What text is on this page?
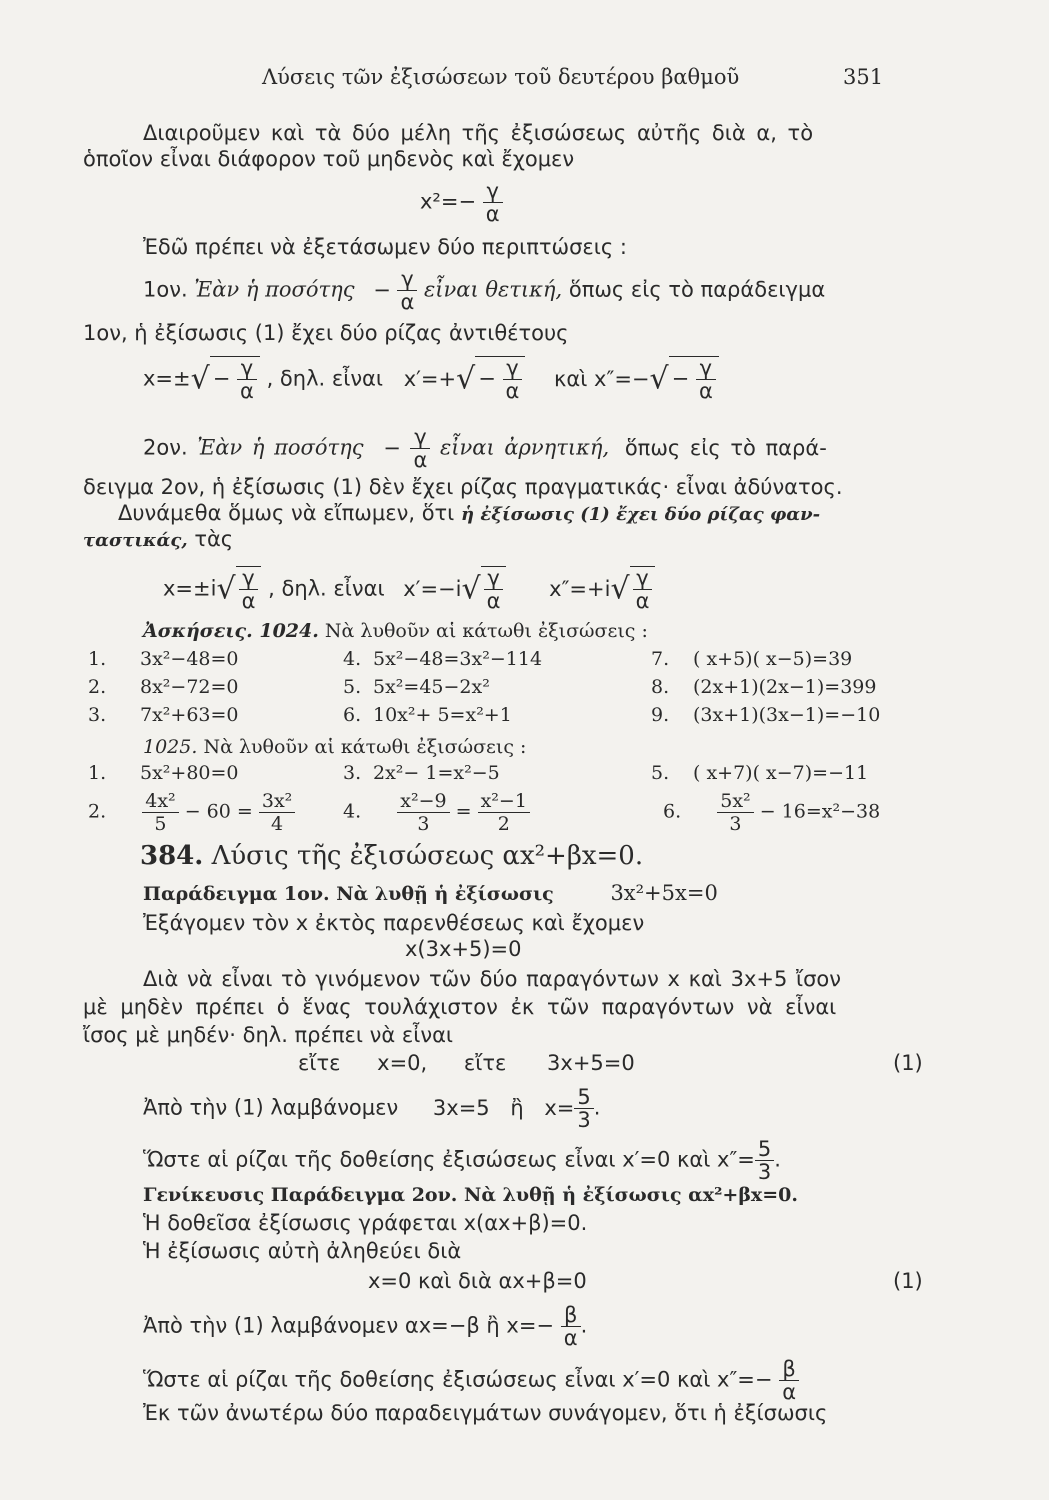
Λύσεις τῶν ἐξισώσεων τοῦ δευτέρου βαθμοῦ	351
Διαιροῦμεν καὶ τὰ δύο μέλη τῆς ἐξισώσεως αὐτῆς διὰ α, τὸ
ὁποῖον εἶναι διάφορον τοῦ μηδενὸς καὶ ἔχομεν
$x^2=- \frac{\gamma}{\alpha}$
Ἐδῶ πρέπει νὰ ἐξετάσωμεν δύο περιπτώσεις :
1ον. Ἐὰν ἡ $\pi o\sigma ό\tau\eta\varsigma - \frac{\gamma}{\alpha}$ εἶναι θετική, ὅπως εἰς τὸ παράδειγμα
1ον, ἡ ἐξίσωσις (1) ἔχει δύο ρίζας ἀντιθέτους
$x=\pm√ - \frac{\gamma}{\alpha}$ , δηλ. εἶναι $x'=+√ - \frac{\gamma}{\alpha}$ καὶ $x''=-√ - \frac{\gamma}{\alpha}$
2ον. Ἐὰν ἡ $\pi o\sigma ό\tau\eta\varsigma - \frac{\gamma}{\alpha}$ εἶναι ἀρνητική, ὅπως εἰς τὸ παρά-
δειγμα 2ον, ἡ ἐξίσωσις (1) δὲν ἔχει ρίζας πραγματικάς· εἶναι ἀδύνατος.
Δυνάμεθα ὅμως νὰ εἴπωμεν, ὅτι ἡ ἐξίσωσις (1) ἔχει δύο ρίζας φαν-
ταστικάς, τὰς
$x=\pm i√ \frac{\gamma}{\alpha}$ , δηλ. εἶναι $x'=-i√ \frac{\gamma}{\alpha} x''=+i√ \frac{\gamma}{\alpha}$
Ἀσκήσεις. 1024. Νὰ λυθοῦν αἱ κάτωθι ἐξισώσεις :
1. 3x²−48=0	4. 5x²−48=3x²−114	7. ( x+5)( x−5)=39
2. 8x²−72=0	5. 5x²=45−2x²	8. (2x+1)(2x−1)=399
3. 7x²+63=0	6. 10x²+ 5=x²+1	9. (3x+1)(3x−1)=−10
1025. Νὰ λυθοῦν αἱ κάτωθι ἐξισώσεις :
1. 5x²+80=0	3. 2x²− 1=x²−5	5. ( x+7)( x−7)=−11
2. $\frac{\text{4x²}}{5} - 60 = \frac{\text{3x²}}{4}$	4. $\frac{\text{x²−9}}{3} = \frac{\text{x²−1}}{2}$	6. $\frac{\text{5x²}}{3} - 16=x^2-38$
384. Λύσις τῆς ἐξισώσεως αx²+βx=0.
Παράδειγμα 1ον. Νὰ λυθῇ ἡ ἐξίσωσις	3x²+5x=0
Ἐξάγομεν τὸν x ἐκτὸς παρενθέσεως καὶ ἔχομεν
x(3x+5)=0
Διὰ νὰ εἶναι τὸ γινόμενον τῶν δύο παραγόντων x καὶ 3x+5 ἴσον
μὲ μηδὲν πρέπει ὁ ἕνας τουλάχιστον ἐκ τῶν παραγόντων νὰ εἶναι
ἴσος μὲ μηδέν· δηλ. πρέπει νὰ εἶναι
εἴτε x=0, εἴτε 3x+5=0	(1)
Ἀπὸ τὴν (1) λαμβάνομεν 3x=5 ἢ $x= \frac{5}{3}$ .
Ὥστε αἱ ρίζαι τῆς δοθείσης ἐξισώσεως εἶναι x′=0 καὶ $x''= \frac{5}{3}$ .
Γενίκευσις Παράδειγμα 2ον. Νὰ λυθῇ ἡ ἐξίσωσις αx²+βx=0.
Ἡ δοθεῖσα ἐξίσωσις γράφεται x(αx+β)=0.
Ἡ ἐξίσωσις αὐτὴ ἀληθεύει διὰ
x=0 καὶ διὰ αx+β=0	(1)
Ἀπὸ τὴν (1) λαμβάνομεν αx=−β ἢ $x=- \frac{\beta}{\alpha}$ .
Ὥστε αἱ ρίζαι τῆς δοθείσης ἐξισώσεως εἶναι x′=0 καὶ $x''=- \frac{\beta}{\alpha}$
Ἐκ τῶν ἀνωτέρω δύο παραδειγμάτων συνάγομεν, ὅτι ἡ ἐξίσωσις
